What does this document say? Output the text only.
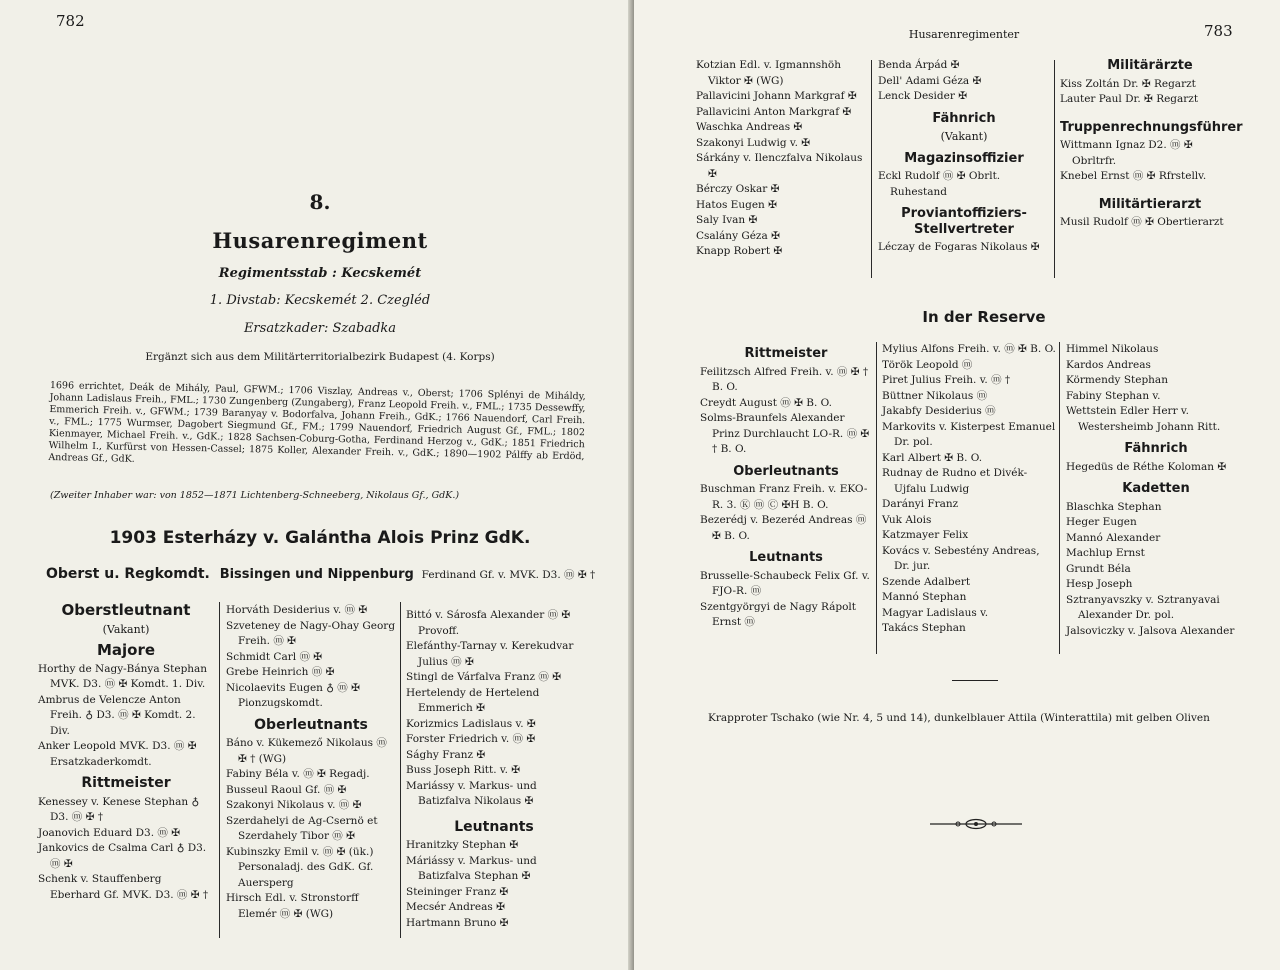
782
8.
Husarenregiment
Regimentsstab : Kecskemét
1. Divstab: Kecskemét 2. Czegléd
Ersatzkader: Szabadka
Ergänzt sich aus dem Militärterritorialbezirk Budapest (4. Korps)
1696 errichtet, Deák de Mihály, Paul, GFWM.; 1706 Viszlay, Andreas v., Oberst; 1706 Splényi de Miháldy, Johann Ladislaus Freih., FML.; 1730 Zungenberg (Zungaberg), Franz Leopold Freih. v., FML.; 1735 Dessewffy, Emmerich Freih. v., GFWM.; 1739 Baranyay v. Bodorfalva, Johann Freih., GdK.; 1766 Nauendorf, Carl Freih. v., FML.; 1775 Wurmser, Dagobert Siegmund Gf., FM.; 1799 Nauendorf, Friedrich August Gf., FML.; 1802 Kienmayer, Michael Freih. v., GdK.; 1828 Sachsen-Coburg-Gotha, Ferdinand Herzog v., GdK.; 1851 Friedrich Wilhelm I., Kurfürst von Hessen-Cassel; 1875 Koller, Alexander Freih. v., GdK.; 1890—1902 Pálffy ab Erdöd, Andreas Gf., GdK.
(Zweiter Inhaber war: von 1852—1871 Lichtenberg-Schneeberg, Nikolaus Gf., GdK.)
1903 Esterházy v. Galántha Alois Prinz GdK.
Oberst u. Regkomdt. Bissingen und Nippenburg Ferdinand Gf. v. MVK. D3. ⓜ ✠ †
Oberstleutnant
(Vakant)
Majore
Horthy de Nagy-Bánya Stephan MVK. D3. ⓜ ✠ Komdt. 1. Div.
Ambrus de Velencze Anton Freih. ♁ D3. ⓜ ✠ Komdt. 2. Div.
Anker Leopold MVK. D3. ⓜ ✠ Ersatzkaderkomdt.
Rittmeister
Kenessey v. Kenese Stephan ♁ D3. ⓜ ✠ †
Joanovich Eduard D3. ⓜ ✠
Jankovics de Csalma Carl ♁ D3. ⓜ ✠
Schenk v. Stauffenberg Eberhard Gf. MVK. D3. ⓜ ✠ †
Horváth Desiderius v. ⓜ ✠
Szveteney de Nagy-Ohay Georg Freih. ⓜ ✠
Schmidt Carl ⓜ ✠
Grebe Heinrich ⓜ ✠
Nicolaevits Eugen ♁ ⓜ ✠ Pionzugskomdt.
Oberleutnants
Báno v. Kükemező Nikolaus ⓜ ✠ † (WG)
Fabiny Béla v. ⓜ ✠ Regadj.
Busseul Raoul Gf. ⓜ ✠
Szakonyi Nikolaus v. ⓜ ✠
Szerdahelyi de Ag-Csernö et Szerdahely Tibor ⓜ ✠
Kubinszky Emil v. ⓜ ✠ (ük.) Personaladj. des GdK. Gf. Auersperg
Hirsch Edl. v. Stronstorff Elemér ⓜ ✠ (WG)
Bittó v. Sárosfa Alexander ⓜ ✠ Provoff.
Elefánthy-Tarnay v. Kerekudvar Julius ⓜ ✠
Stingl de Várfalva Franz ⓜ ✠
Hertelendy de Hertelend Emmerich ✠
Korizmics Ladislaus v. ✠
Forster Friedrich v. ⓜ ✠
Sághy Franz ✠
Buss Joseph Ritt. v. ✠
Mariássy v. Markus- und Batizfalva Nikolaus ✠
Leutnants
Hranitzky Stephan ✠
Máriássy v. Markus- und Batizfalva Stephan ✠
Steininger Franz ✠
Mecsér Andreas ✠
Hartmann Bruno ✠
Husarenregimenter	783
Kotzian Edl. v. Igmannshöh Viktor ✠ (WG)
Pallavicini Johann Markgraf ✠
Pallavicini Anton Markgraf ✠
Waschka Andreas ✠
Szakonyi Ludwig v. ✠
Sárkány v. Ilenczfalva Nikolaus ✠
Bérczy Oskar ✠
Hatos Eugen ✠
Saly Ivan ✠
Csalány Géza ✠
Knapp Robert ✠
Benda Árpád ✠
Dell' Adami Géza ✠
Lenck Desider ✠
Fähnrich
(Vakant)
Magazinsoffizier
Eckl Rudolf ⓜ ✠ Obrlt. Ruhestand
Proviantoffiziers-Stellvertreter
Léczay de Fogaras Nikolaus ✠
Militärärzte
Kiss Zoltán Dr. ✠ Regarzt
Lauter Paul Dr. ✠ Regarzt
Truppenrechnungsführer
Wittmann Ignaz D2. ⓜ ✠ Obrltrfr.
Knebel Ernst ⓜ ✠ Rfrstellv.
Militärtierarzt
Musil Rudolf ⓜ ✠ Obertierarzt
In der Reserve
Rittmeister
Feilitzsch Alfred Freih. v. ⓜ ✠ † B. O.
Creydt August ⓜ ✠ B. O.
Solms-Braunfels Alexander Prinz Durchlaucht LO-R. ⓜ ✠ † B. O.
Oberleutnants
Buschman Franz Freih. v. EKO-R. 3. Ⓚ ⓜ Ⓒ ✠H B. O.
Bezerédj v. Bezeréd Andreas ⓜ ✠ B. O.
Leutnants
Brusselle-Schaubeck Felix Gf. v. FJO-R. ⓜ
Szentgyörgyi de Nagy Rápolt Ernst ⓜ
Mylius Alfons Freih. v. ⓜ ✠ B. O.
Török Leopold ⓜ
Piret Julius Freih. v. ⓜ †
Büttner Nikolaus ⓜ
Jakabfy Desiderius ⓜ
Markovits v. Kisterpest Emanuel Dr. pol.
Karl Albert ✠ B. O.
Rudnay de Rudno et Divék-Ujfalu Ludwig
Darányi Franz
Vuk Alois
Katzmayer Felix
Kovács v. Sebestény Andreas, Dr. jur.
Szende Adalbert
Mannó Stephan
Magyar Ladislaus v.
Takács Stephan
Himmel Nikolaus
Kardos Andreas
Körmendy Stephan
Fabiny Stephan v.
Wettstein Edler Herr v. Westersheimb Johann Ritt.
Fähnrich
Hegedüs de Réthe Koloman ✠
Kadetten
Blaschka Stephan
Heger Eugen
Mannó Alexander
Machlup Ernst
Grundt Béla
Hesp Joseph
Sztranyavszky v. Sztranyavai Alexander Dr. pol.
Jalsoviczky v. Jalsova Alexander
Krapproter Tschako (wie Nr. 4, 5 und 14), dunkelblauer Attila (Winterattila) mit gelben Oliven
